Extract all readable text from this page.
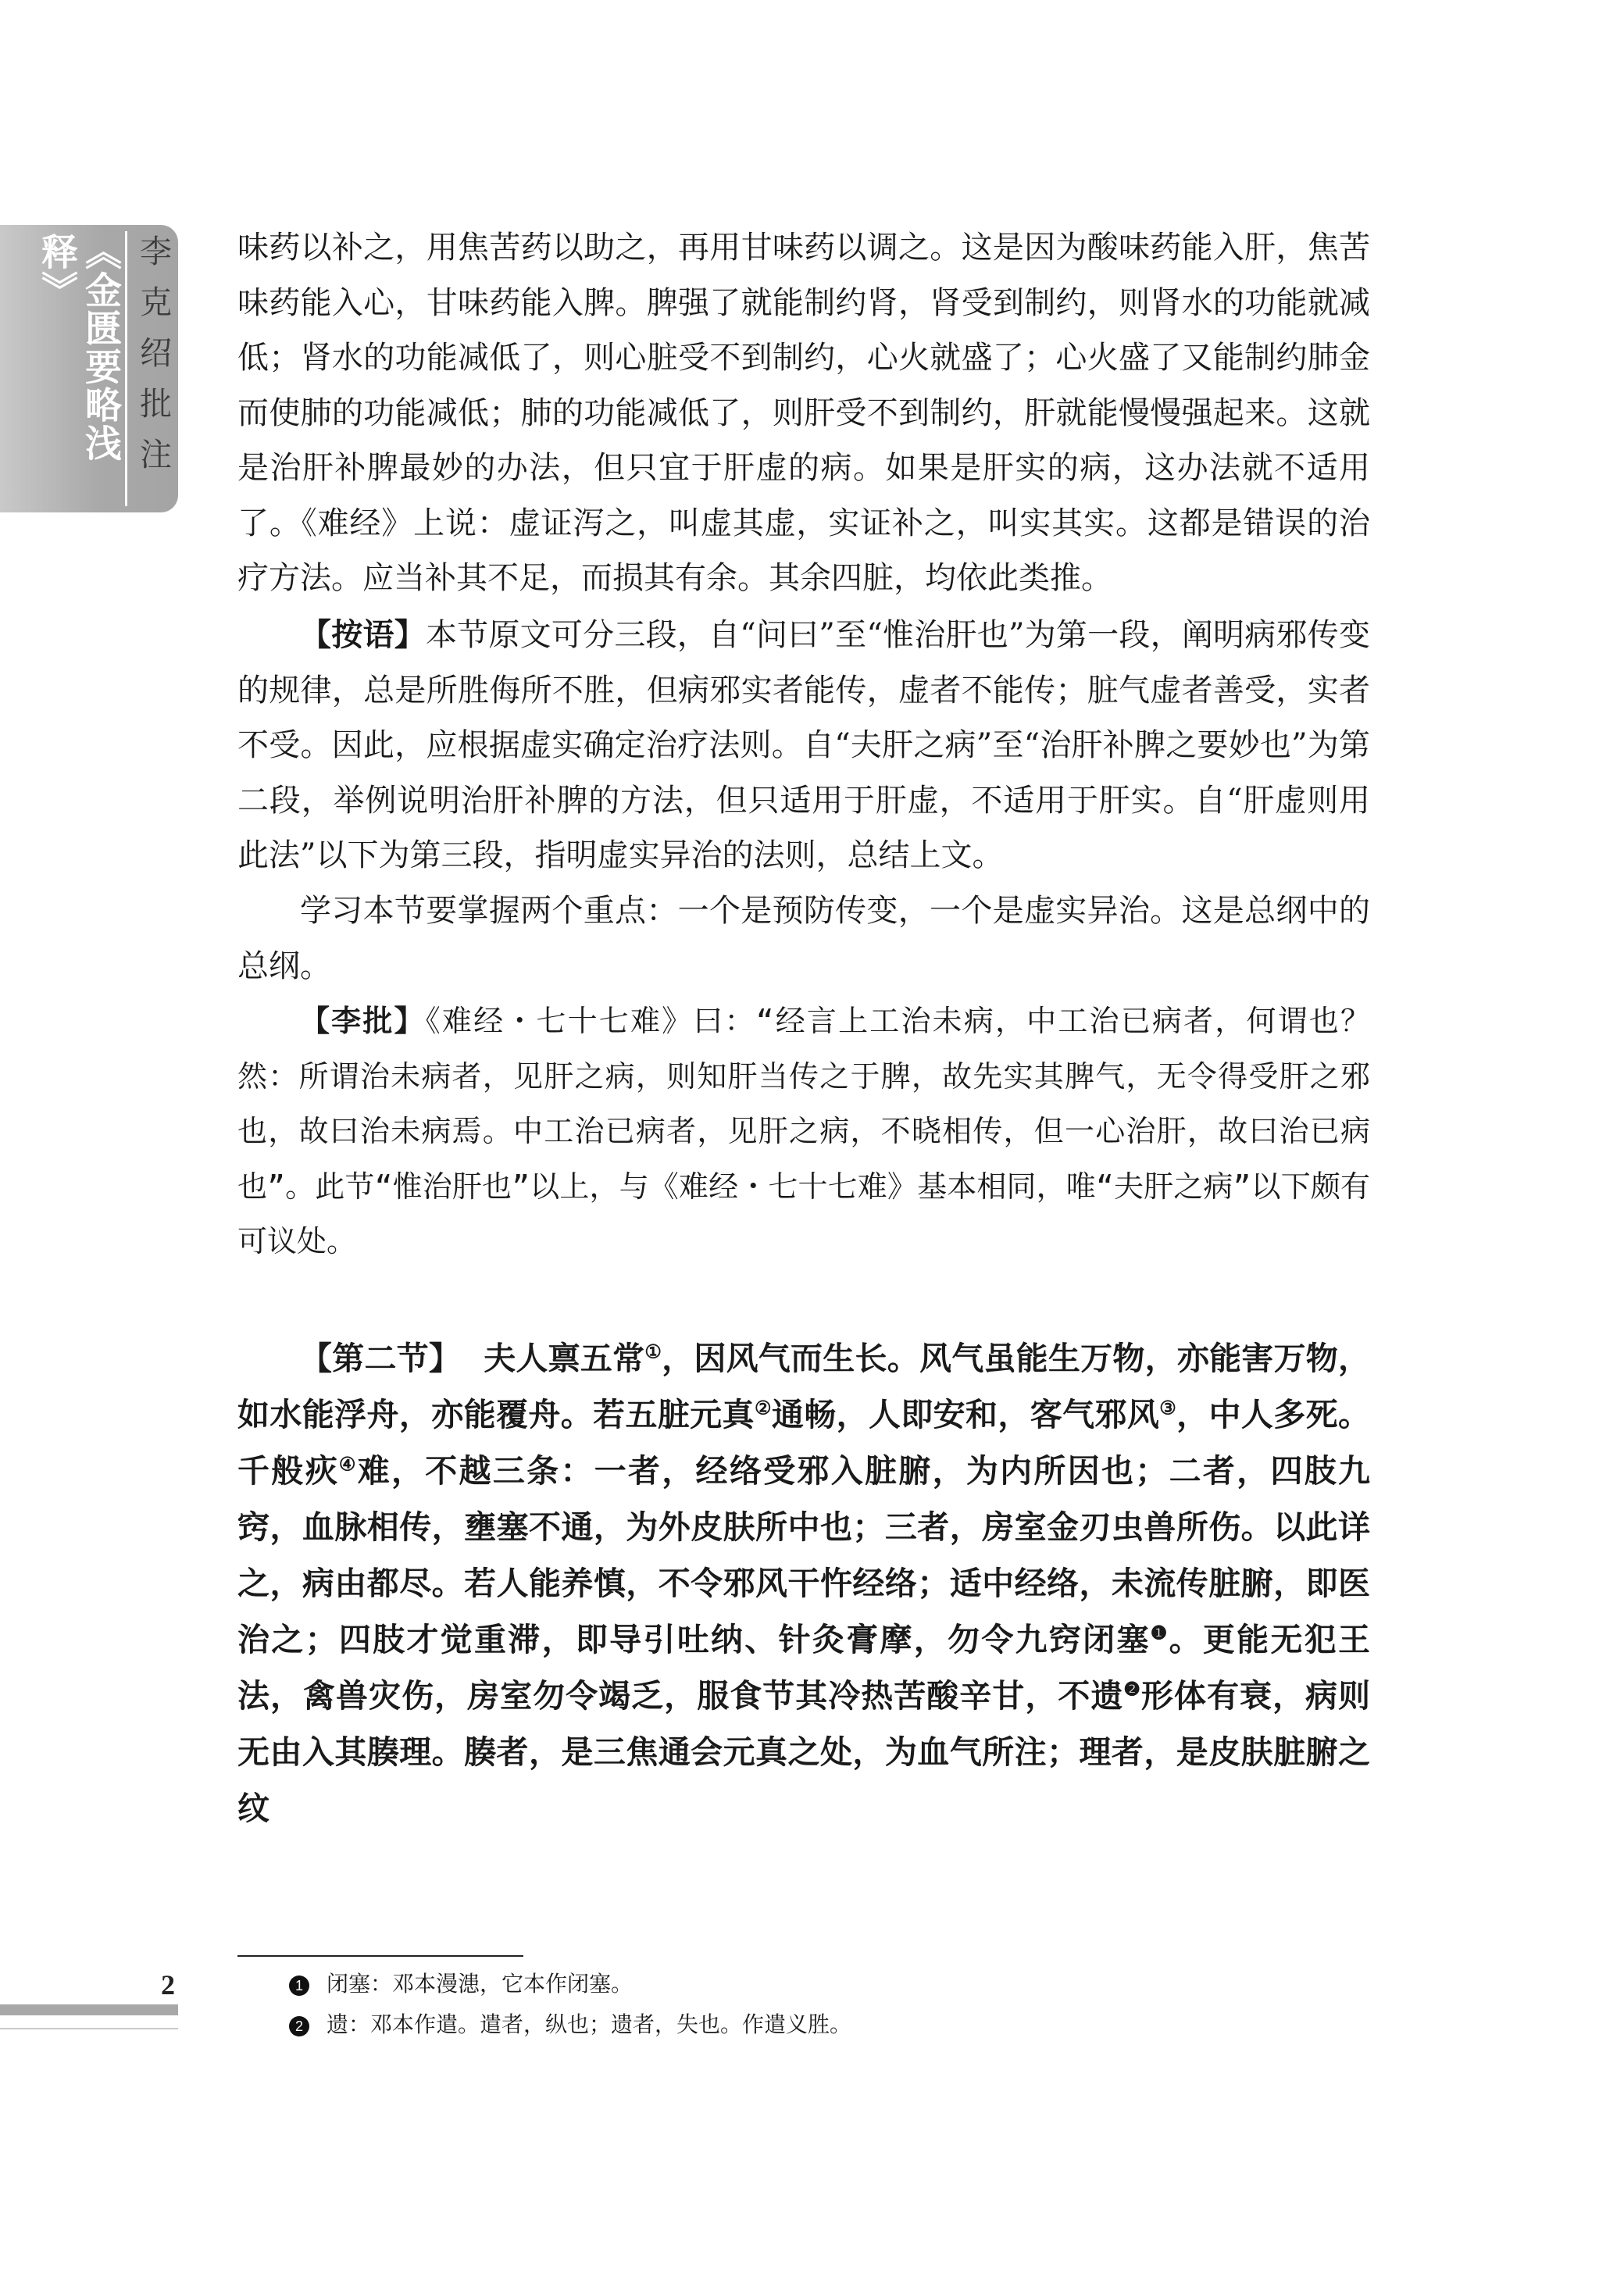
《金匮要略浅释》	李克绍批注 味药以补之，用焦苦药以助之，再用甘味药以调之。这是因为酸味药能入肝，焦苦味药能入心，甘味药能入脾。脾强了就能制约肾，肾受到制约，则肾水的功能就减低；肾水的功能减低了，则心脏受不到制约，心火就盛了；心火盛了又能制约肺金而使肺的功能减低；肺的功能减低了，则肝受不到制约，肝就能慢慢强起来。这就是治肝补脾最妙的办法，但只宜于肝虚的病。如果是肝实的病，这办法就不适用了。《难经》上说：虚证泻之，叫虚其虚，实证补之，叫实其实。这都是错误的治疗方法。应当补其不足，而损其有余。其余四脏，均依此类推。

【按语】本节原文可分三段，自“问曰”至“惟治肝也”为第一段，阐明病邪传变的规律，总是所胜侮所不胜，但病邪实者能传，虚者不能传；脏气虚者善受，实者不受。因此，应根据虚实确定治疗法则。自“夫肝之病”至“治肝补脾之要妙也”为第二段，举例说明治肝补脾的方法，但只适用于肝虚，不适用于肝实。自“肝虚则用此法”以下为第三段，指明虚实异治的法则，总结上文。

学习本节要掌握两个重点：一个是预防传变，一个是虚实异治。这是总纲中的总纲。

【李批】《难经・七十七难》曰：“经言上工治未病，中工治已病者，何谓也？然：所谓治未病者，见肝之病，则知肝当传之于脾，故先实其脾气，无令得受肝之邪也，故曰治未病焉。中工治已病者，见肝之病，不晓相传，但一心治肝，故曰治已病也”。此节“惟治肝也”以上，与《难经・七十七难》基本相同，唯“夫肝之病”以下颇有可议处。

【第二节】 夫人禀五常①，因风气而生长。风气虽能生万物，亦能害万物，如水能浮舟，亦能覆舟。若五脏元真②通畅，人即安和，客气邪风③，中人多死。千般疢④难，不越三条：一者，经络受邪入脏腑，为内所因也；二者，四肢九窍，血脉相传，壅塞不通，为外皮肤所中也；三者，房室金刃虫兽所伤。以此详之，病由都尽。若人能养慎，不令邪风干忤经络；适中经络，未流传脏腑，即医治之；四肢才觉重滞，即导引吐纳、针灸膏摩，勿令九窍闭塞$^❶$。更能无犯王法，禽兽灾伤，房室勿令竭乏，服食节其冷热苦酸辛甘，不遗$^❷$形体有衰，病则无由入其腠理。腠者，是三焦通会元真之处，为血气所注；理者，是皮肤脏腑之纹

1 闭塞：邓本漫漶，它本作闭塞。
2 遗：邓本作遣。遣者，纵也；遗者，失也。作遣义胜。
2
